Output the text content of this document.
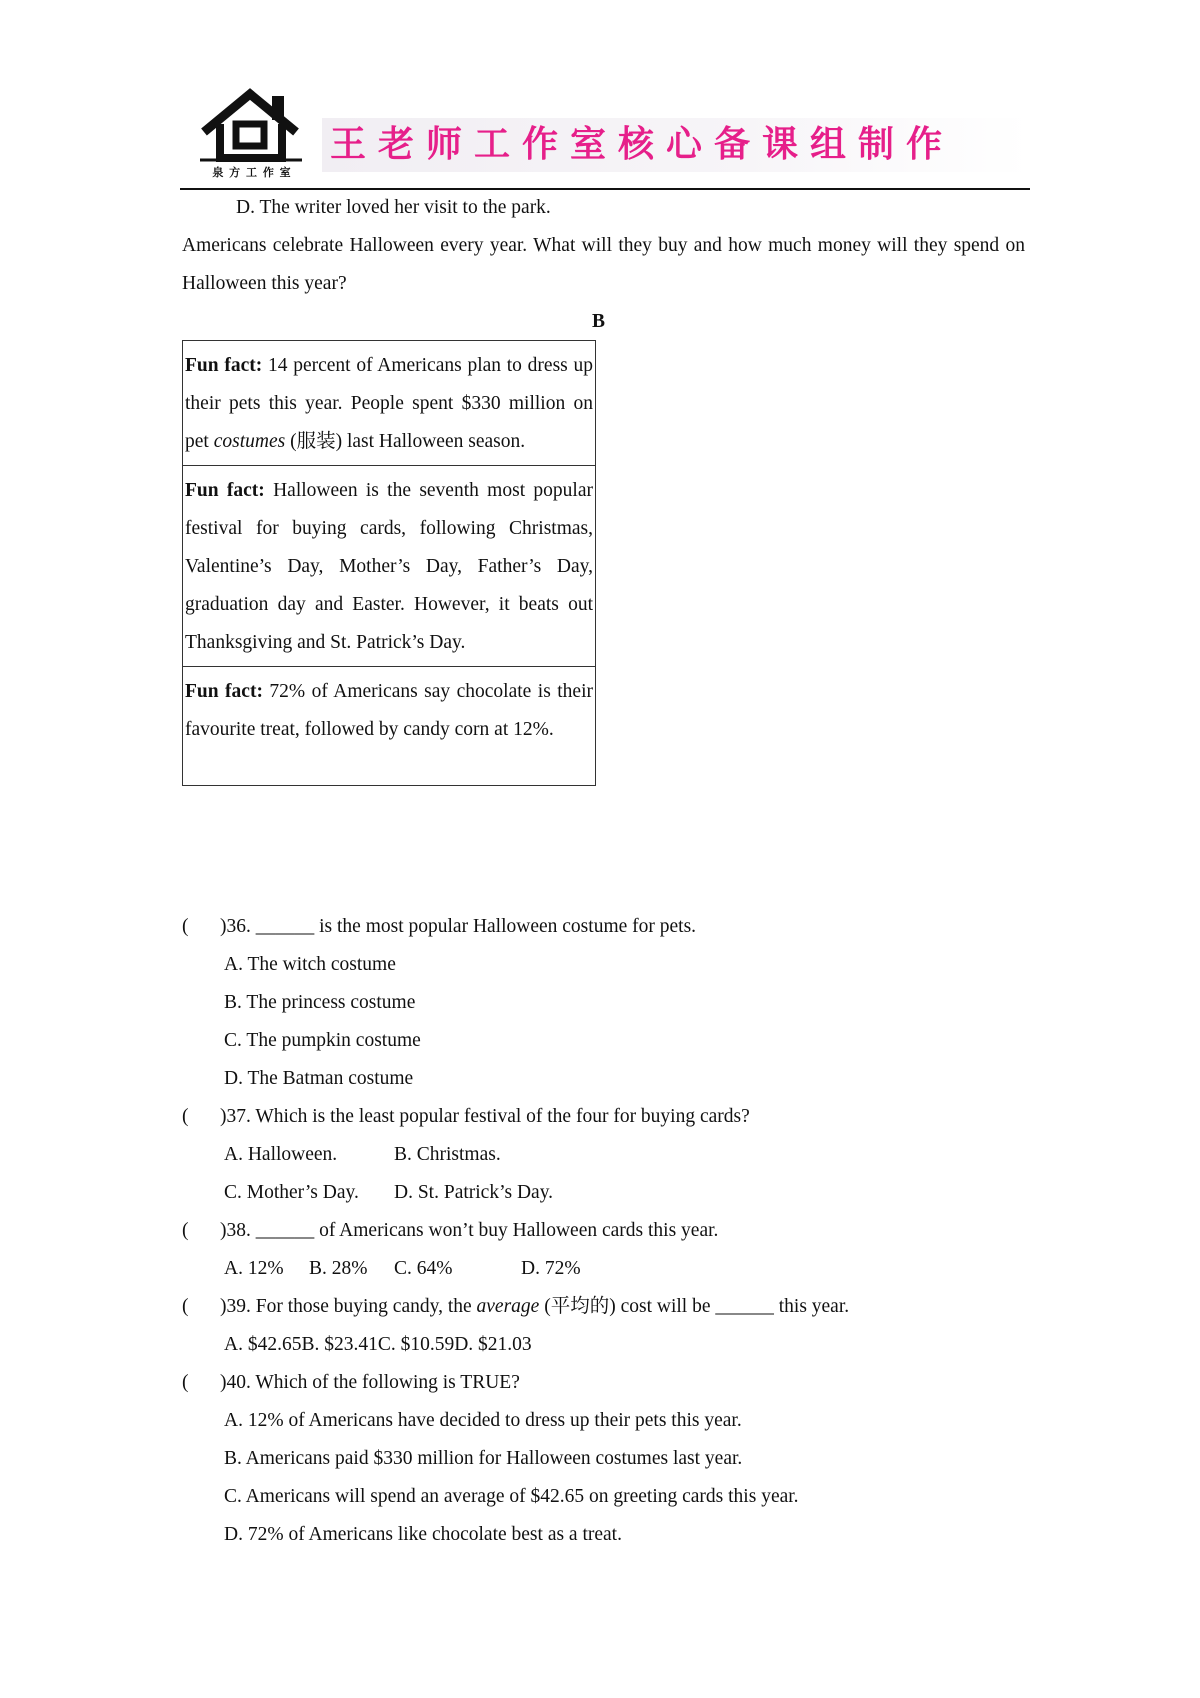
泉 方 工 作 室
王老师工作室核心备课组制作
D. The writer loved her visit to the park.
Americans celebrate Halloween every year. What will they buy and how much money will they spend on Halloween this year?
B
Fun fact: 14 percent of Americans plan to dress up their pets this year. People spent $330 million on pet costumes (服装) last Halloween season.
Fun fact: Halloween is the seventh most popular festival for buying cards, following Christmas, Valentine’s Day, Mother’s Day, Father’s Day, graduation day and Easter. However, it beats out Thanksgiving and St. Patrick’s Day.
Fun fact: 72% of Americans say chocolate is their favourite treat, followed by candy corn at 12%.
( )36. ______ is the most popular Halloween costume for pets.
A. The witch costume
B. The princess costume
C. The pumpkin costume
D. The Batman costume
( )37. Which is the least popular festival of the four for buying cards?
A. Halloween.	B. Christmas.
C. Mother’s Day. D. St. Patrick’s Day.
( )38. ______ of Americans won’t buy Halloween cards this year.
A. 12% B. 28% C. 64%	D. 72%
( )39. For those buying candy, the average (平均的) cost will be ______ this year.
A. $42.65B. $23.41C. $10.59D. $21.03
( )40. Which of the following is TRUE?
A. 12% of Americans have decided to dress up their pets this year.
B. Americans paid $330 million for Halloween costumes last year.
C. Americans will spend an average of $42.65 on greeting cards this year.
D. 72% of Americans like chocolate best as a treat.
